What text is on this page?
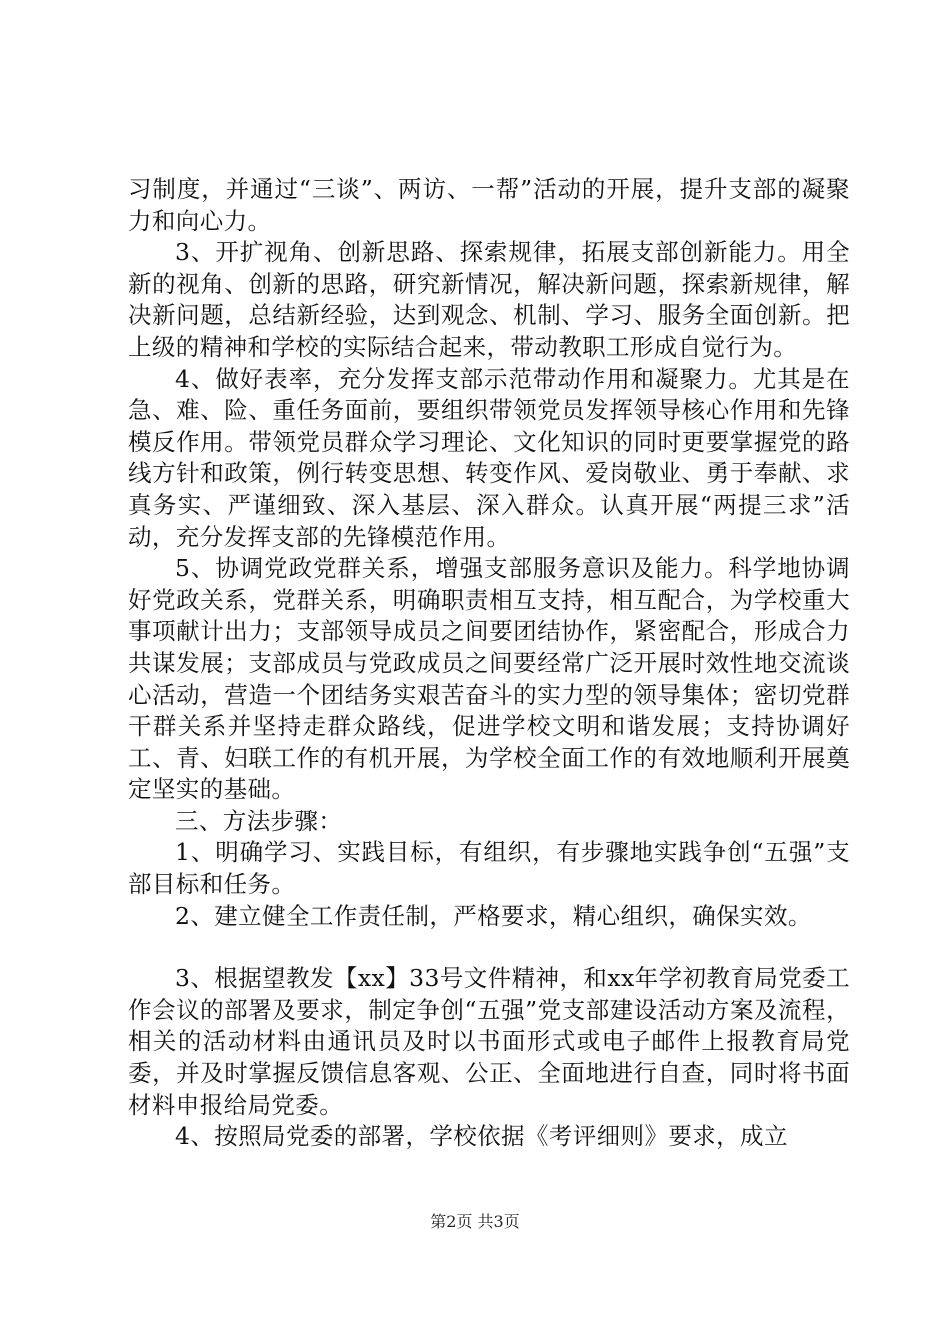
习制度，并通过“三谈”、两访、一帮”活动的开展，提升支部的凝聚力和向心力。

3、开扩视角、创新思路、探索规律，拓展支部创新能力。用全新的视角、创新的思路，研究新情况，解决新问题，探索新规律，解决新问题，总结新经验，达到观念、机制、学习、服务全面创新。把上级的精神和学校的实际结合起来，带动教职工形成自觉行为。

4、做好表率，充分发挥支部示范带动作用和凝聚力。尤其是在急、难、险、重任务面前，要组织带领党员发挥领导核心作用和先锋模反作用。带领党员群众学习理论、文化知识的同时更要掌握党的路线方针和政策，例行转变思想、转变作风、爱岗敬业、勇于奉献、求真务实、严谨细致、深入基层、深入群众。认真开展“两提三求”活动，充分发挥支部的先锋模范作用。

5、协调党政党群关系，增强支部服务意识及能力。科学地协调好党政关系，党群关系，明确职责相互支持，相互配合，为学校重大事项献计出力；支部领导成员之间要团结协作，紧密配合，形成合力共谋发展；支部成员与党政成员之间要经常广泛开展时效性地交流谈心活动，营造一个团结务实艰苦奋斗的实力型的领导集体；密切党群干群关系并坚持走群众路线，促进学校文明和谐发展；支持协调好工、青、妇联工作的有机开展，为学校全面工作的有效地顺利开展奠定坚实的基础。

三、方法步骤：

1、明确学习、实践目标，有组织，有步骤地实践争创“五强”支部目标和任务。

2、建立健全工作责任制，严格要求，精心组织，确保实效。

3、根据望教发【xx】33号文件精神，和xx年学初教育局党委工作会议的部署及要求，制定争创“五强”党支部建设活动方案及流程，相关的活动材料由通讯员及时以书面形式或电子邮件上报教育局党委，并及时掌握反馈信息客观、公正、全面地进行自查，同时将书面材料申报给局党委。

4、按照局党委的部署，学校依据《考评细则》要求，成立

第2页 共3页
